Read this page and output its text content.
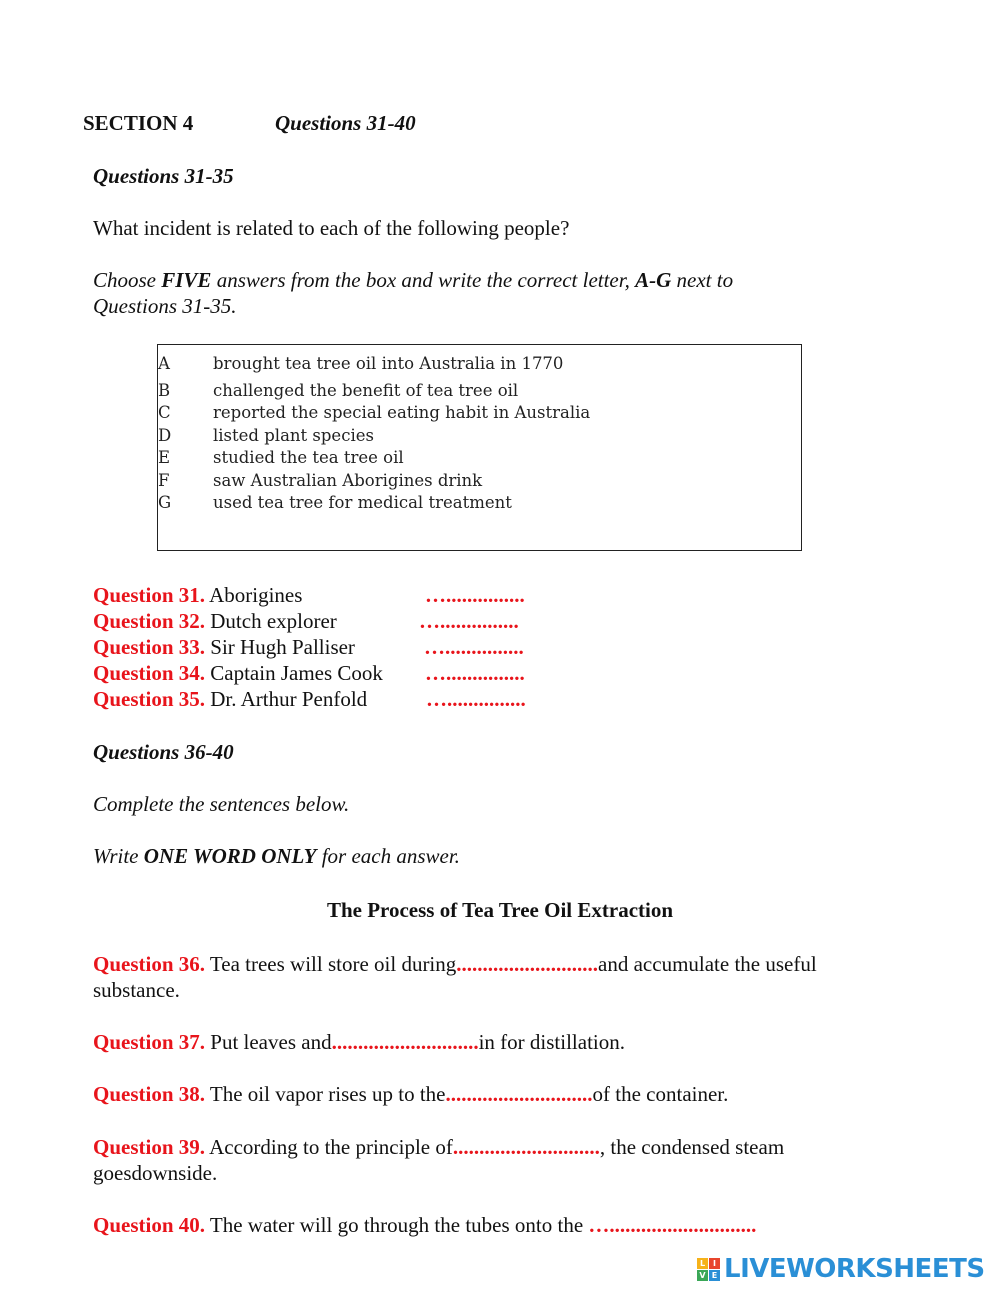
SECTION 4	Questions 31-40
Questions 31-35
What incident is related to each of the following people?
Choose FIVE answers from the box and write the correct letter, A-G next to
Questions 31-35.
A	brought tea tree oil into Australia in 1770
B	challenged the benefit of tea tree oil
C	reported the special eating habit in Australia
D	listed plant species
E	studied the tea tree oil
F	saw Australian Aborigines drink
G	used tea tree for medical treatment
Question 31. Aborigines	…...............
Question 32. Dutch explorer	…...............
Question 33. Sir Hugh Palliser	…...............
Question 34. Captain James Cook …...............
Question 35. Dr. Arthur Penfold	…...............
Questions 36-40
Complete the sentences below.
Write ONE WORD ONLY for each answer.
The Process of Tea Tree Oil Extraction
Question 36. Tea trees will store oil during...........................and accumulate the useful
substance.
Question 37. Put leaves and............................in for distillation.
Question 38. The oil vapor rises up to the............................of the container.
Question 39. According to the principle of............................, the condensed steam
goesdownside.
Question 40. The water will go through the tubes onto the …............................
L I
V E LIVEWORKSHEETS
